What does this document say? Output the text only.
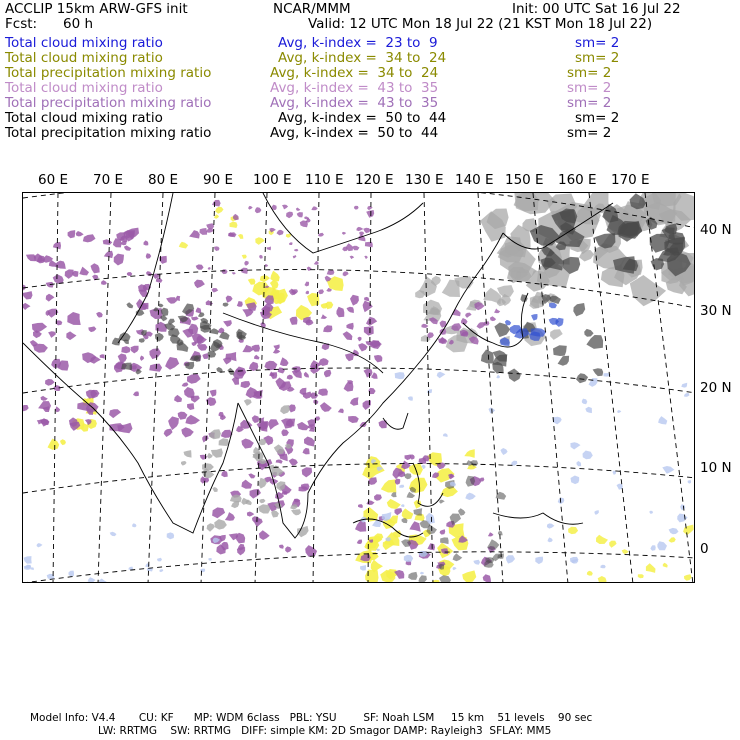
ACCLIP 15km ARW-GFS init	NCAR/MMM	Init: 00 UTC Sat 16 Jul 22
Fcst: 60 h	Valid: 12 UTC Mon 18 Jul 22 (21 KST Mon 18 Jul 22)
Total cloud mixing ratio	Avg, k-index =  23 to  9	sm= 2
Total cloud mixing ratio	Avg, k-index =  34 to  24	sm= 2
Total precipitation mixing ratio	Avg, k-index =  34 to  24	sm= 2
Total cloud mixing ratio	Avg, k-index =  43 to  35	sm= 2
Total precipitation mixing ratio	Avg, k-index =  43 to  35	sm= 2
Total cloud mixing ratio	Avg, k-index =  50 to  44	sm= 2
Total precipitation mixing ratio	Avg, k-index =  50 to  44	sm= 2
60 E 70 E 80 E 90 E 100 E 110 E 120 E 130 E 140 E 150 E 160 E 170 E
40 N
30 N
20 N
10 N
0
Model Info: V4.4       CU: KF      MP: WDM 6class   PBL: YSU        SF: Noah LSM     15 km    51 levels    90 sec
LW: RRTMG    SW: RRTMG   DIFF: simple KM: 2D Smagor DAMP: Rayleigh3  SFLAY: MM5
